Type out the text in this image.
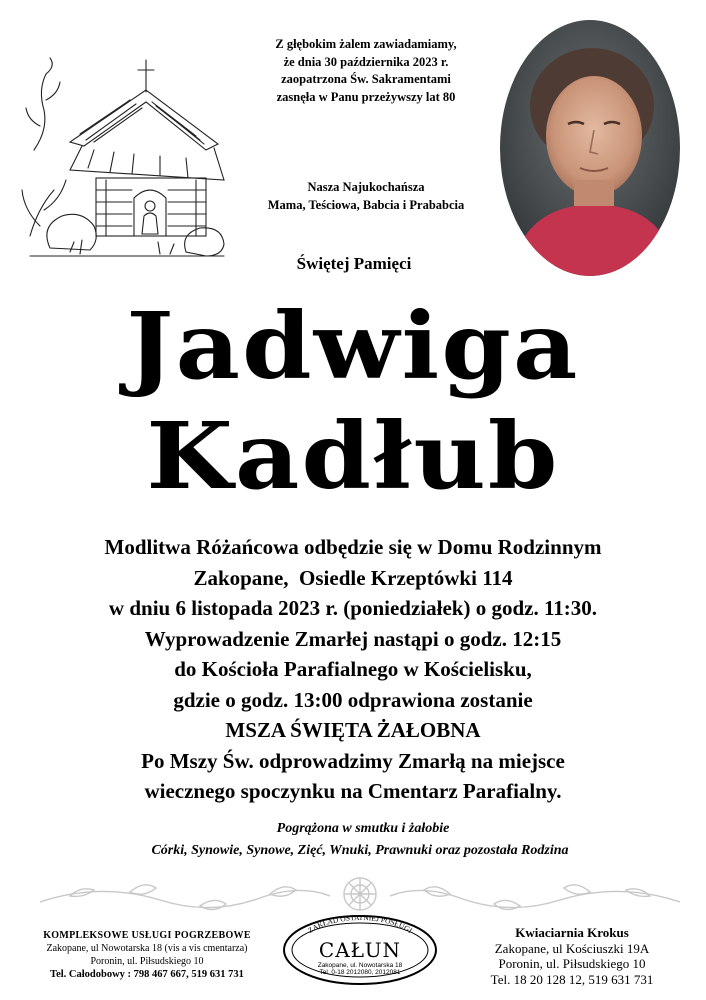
Z głębokim żalem zawiadamiamy,
że dnia 30 października 2023 r.
zaopatrzona Św. Sakramentami
zasnęła w Panu przeżywszy lat 80
Nasza Najukochańsza
Mama, Teściowa, Babcia i Prababcia
Świętej Pamięci
Jadwiga
Kadłub
Modlitwa Różańcowa odbędzie się w Domu Rodzinnym
Zakopane,  Osiedle Krzeptówki 114
w dniu 6 listopada 2023 r. (poniedziałek) o godz. 11:30.
Wyprowadzenie Zmarłej nastąpi o godz. 12:15
do Kościoła Parafialnego w Kościelisku,
gdzie o godz. 13:00 odprawiona zostanie
MSZA ŚWIĘTA ŻAŁOBNA
Po Mszy Św. odprowadzimy Zmarłą na miejsce
wiecznego spoczynku na Cmentarz Parafialny.
Pogrążona w smutku i żałobie
Córki, Synowie, Synowe, Zięć, Wnuki, Prawnuki oraz pozostała Rodzina
KOMPLEKSOWE USŁUGI POGRZEBOWE
Zakopane, ul Nowotarska 18 (vis a vis cmentarza)
Poronin, ul. Piłsudskiego 10
Tel. Całodobowy : 798 467 667, 519 631 731
ZAKŁAD OSTATNIEJ POSŁUGI
CAŁUN
Zakopane, ul. Nowotarska 18
Tel. 0-18 2012080, 2012081
Kwiaciarnia Krokus
Zakopane, ul Kościuszki 19A
Poronin, ul. Piłsudskiego 10
Tel. 18 20 128 12, 519 631 731
